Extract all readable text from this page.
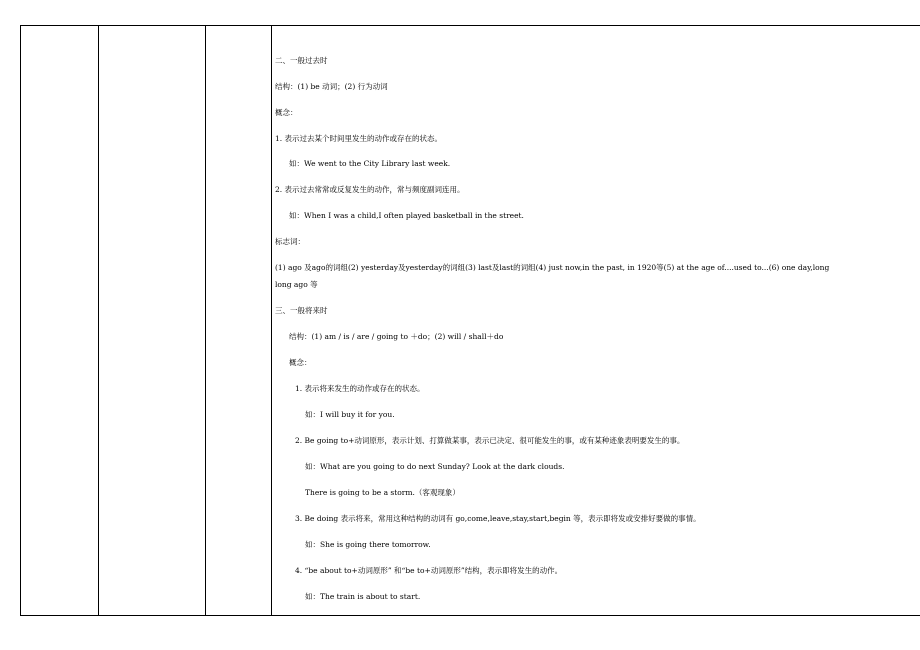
二、一般过去时
结构：(1) be 动词；(2) 行为动词
概念：
1. 表示过去某个时间里发生的动作或存在的状态。
如：We went to the City Library last week.
2. 表示过去常常或反复发生的动作，常与频度副词连用。
如：When I was a child,I often played basketball in the street.
标志词：
(1) ago 及ago的词组(2) yesterday及yesterday的词组(3) last及last的词组(4) just now,in the past, in 1920等(5) at the age of....used to...(6) one day,long
long ago 等
三、一般将来时
结构：(1) am / is / are / going to ＋do；(2) will / shall＋do
概念：
1. 表示将来发生的动作或存在的状态。
如：I will buy it for you.
2. Be going to+动词原形，表示计划、打算做某事，表示已决定、很可能发生的事，或有某种迹象表明要发生的事。
如：What are you going to do next Sunday? Look at the dark clouds.
There is going to be a storm.（客观现象）
3. Be doing 表示将来，常用这种结构的动词有 go,come,leave,stay,start,begin 等，表示即将发或安排好要做的事情。
如：She is going there tomorrow.
4. “be about to+动词原形” 和“be to+动词原形”结构，表示即将发生的动作。
如：The train is about to start.
